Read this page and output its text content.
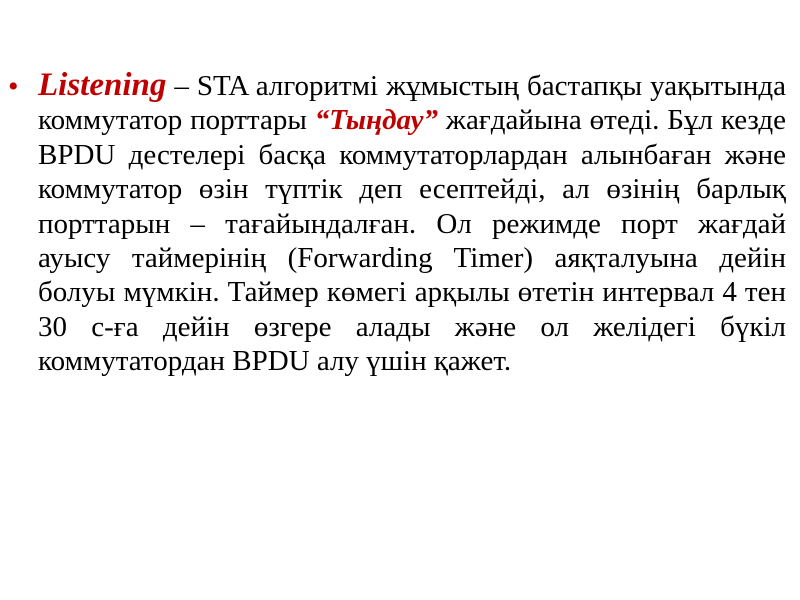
• Listening – STA алгоритмі жұмыстың бастапқы уақытында коммутатор порттары “Тыңдау” жағдайына өтеді. Бұл кезде BPDU дестелері басқа коммутаторлардан алынбаған және коммутатор өзін түптік деп есептейді, ал өзінің барлық порттарын – тағайындалған. Ол режимде порт жағдай ауысу таймерінің (Forwarding Timer) аяқталуына дейін болуы мүмкін. Таймер көмегі арқылы өтетін интервал 4 тен 30 с-ға дейін өзгере алады және ол желідегі бүкіл коммутатордан BPDU алу үшін қажет.
